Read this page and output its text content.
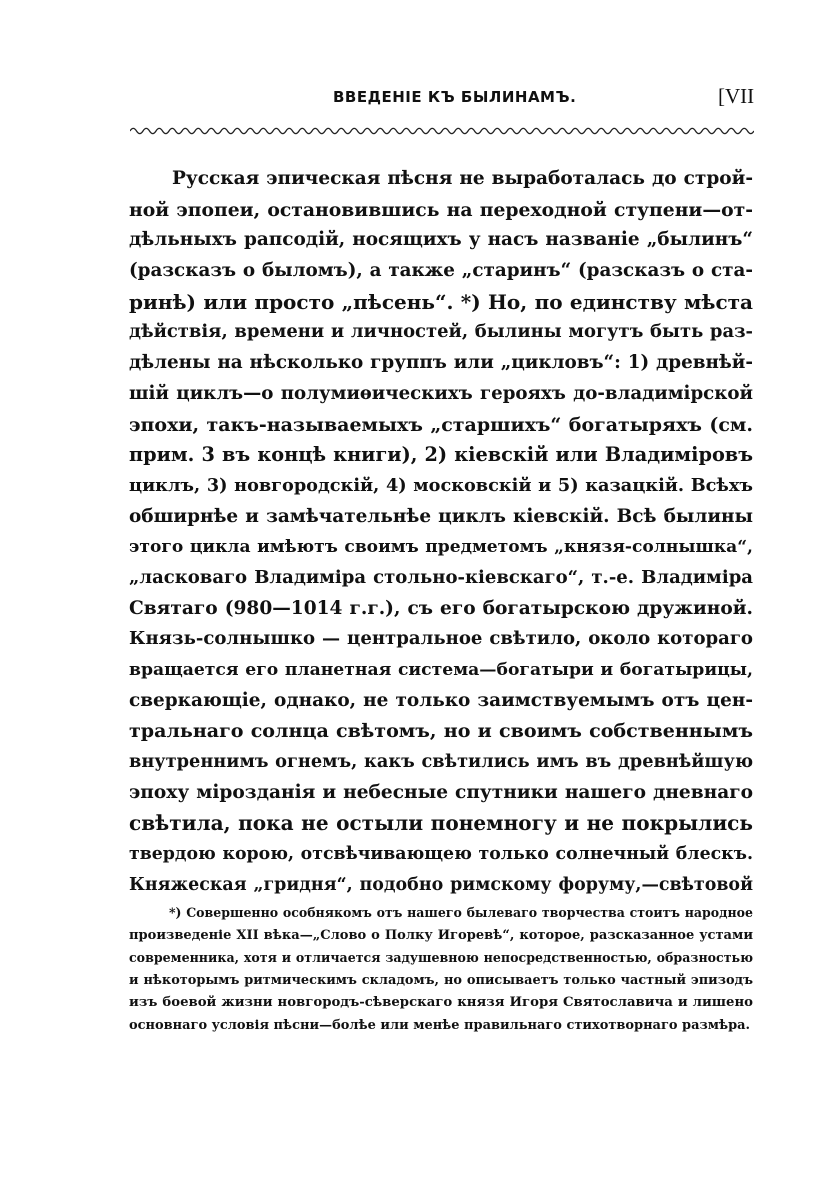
ВВЕДЕНІЕ КЪ БЫЛИНАМЪ.	[VII
Русская эпическая пѣсня не выработалась до строй-
ной эпопеи, остановившись на переходной ступени—от-
дѣльныхъ рапсодій, носящихъ у насъ названіе „былинъ“
(разсказъ о быломъ), а также „старинъ“ (разсказъ о ста-
ринѣ) или просто „пѣсень“. *) Но, по единству мѣста
дѣйствія, времени и личностей, былины могутъ быть раз-
дѣлены на нѣсколько группъ или „цикловъ“: 1) древнѣй-
шій циклъ—о полумиѳическихъ герояхъ до-владимірской
эпохи, такъ-называемыхъ „старшихъ“ богатыряхъ (см.
прим. 3 въ концѣ книги), 2) кіевскій или Владиміровъ
циклъ, 3) новгородскій, 4) московскій и 5) казацкій. Всѣхъ
обширнѣе и замѣчательнѣе циклъ кіевскій. Всѣ былины
этого цикла имѣютъ своимъ предметомъ „князя-солнышка“,
„ласковаго Владиміра стольно-кіевскаго“, т.-е. Владиміра
Святаго (980—1014 г.г.), съ его богатырскою дружиной.
Князь-солнышко — центральное свѣтило, около котораго
вращается его планетная система—богатыри и богатырицы,
сверкающіе, однако, не только заимствуемымъ отъ цен-
тральнаго солнца свѣтомъ, но и своимъ собственнымъ
внутреннимъ огнемъ, какъ свѣтились имъ въ древнѣйшую
эпоху мірозданія и небесные спутники нашего дневнаго
свѣтила, пока не остыли понемногу и не покрылись
твердою корою, отсвѣчивающею только солнечный блескъ.
Княжеская „гридня“, подобно римскому форуму,—свѣтовой
*) Совершенно особнякомъ отъ нашего былеваго творчества стоитъ народное
произведеніе XII вѣка—„Слово о Полку Игоревѣ“, которое, разсказанное устами
современника, хотя и отличается задушевною непосредственностью, образностью
и нѣкоторымъ ритмическимъ складомъ, но описываетъ только частный эпизодъ
изъ боевой жизни новгородъ-сѣверскаго князя Игоря Святославича и лишено
основнаго условія пѣсни—болѣе или менѣе правильнаго стихотворнаго размѣра.
